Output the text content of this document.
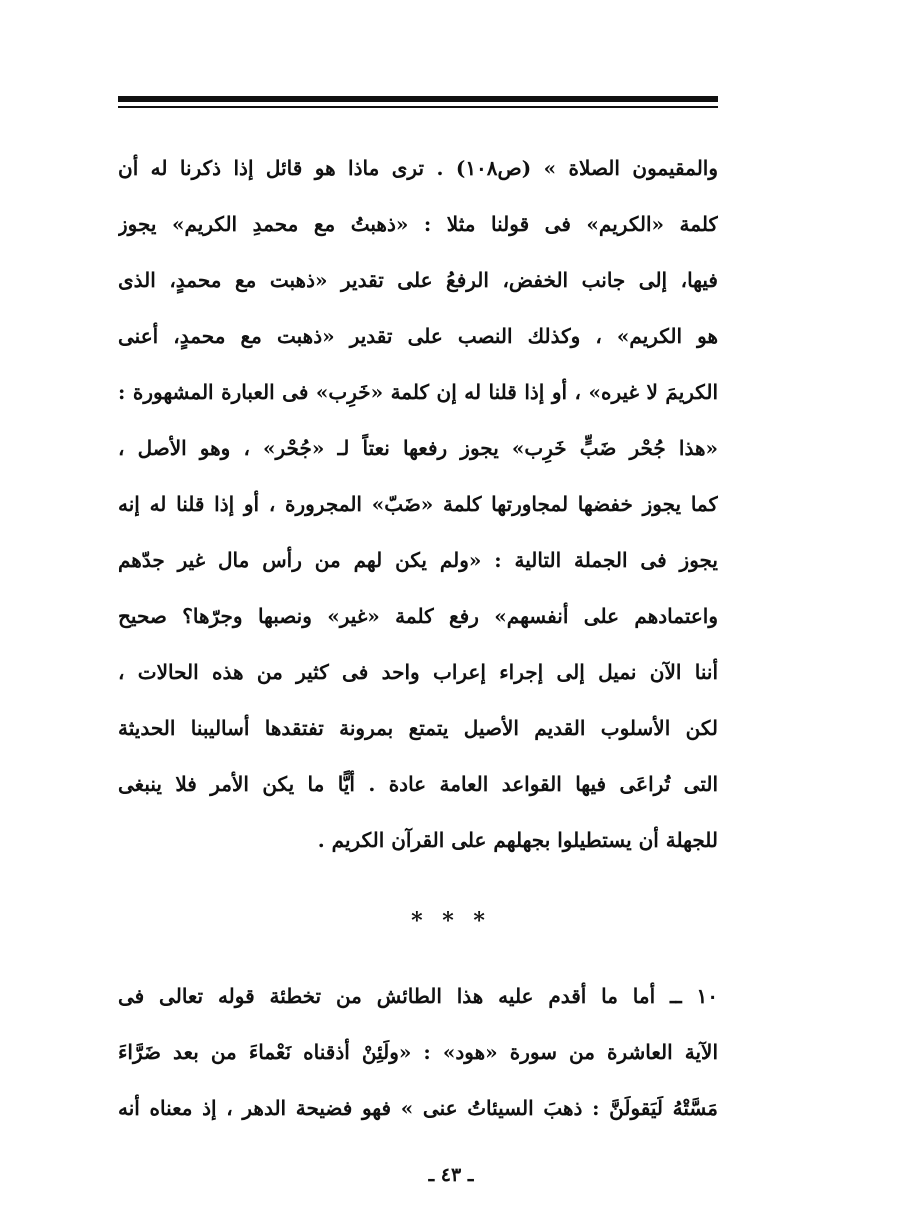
والمقيمون الصلاة » (ص١٠٨) . ترى ماذا هو قائل إذا ذكرنا له أن
كلمة «الكريم» فى قولنا مثلا : «ذهبتُ مع محمدِ الكريم» يجوز
فيها، إلى جانب الخفض، الرفعُ على تقدير «ذهبت مع محمدٍ، الذى
هو الكريم» ، وكذلك النصب على تقدير «ذهبت مع محمدٍ، أعنى
الكريمَ لا غيره» ، أو إذا قلنا له إن كلمة «خَرِب» فى العبارة المشهورة :
«هذا جُحْر ضَبٍّ خَرِب» يجوز رفعها نعتاً لـ «جُحْر» ، وهو الأصل ،
كما يجوز خفضها لمجاورتها كلمة «ضَبّ» المجرورة ، أو إذا قلنا له إنه
يجوز فى الجملة التالية : «ولم يكن لهم من رأس مال غير جدّهم
واعتمادهم على أنفسهم» رفع كلمة «غير» ونصبها وجرّها؟ صحيح
أننا الآن نميل إلى إجراء إعراب واحد فى كثير من هذه الحالات ،
لكن الأسلوب القديم الأصيل يتمتع بمرونة تفتقدها أساليبنا الحديثة
التى تُراعَى فيها القواعد العامة عادة . أيًّا ما يكن الأمر فلا ينبغى
للجهلة أن يستطيلوا بجهلهم على القرآن الكريم .
* * *
١٠ ــ أما ما أقدم عليه هذا الطائش من تخطئة قوله تعالى فى
الآية العاشرة من سورة «هود» : «ولَئِنْ أذقناه نَعْماءَ من بعد ضَرَّاءَ
مَسَّتْهُ لَيَقولَنَّ : ذهبَ السيئاتُ عنى » فهو فضيحة الدهر ، إذ معناه أنه
ـ ٤٣ ـ
